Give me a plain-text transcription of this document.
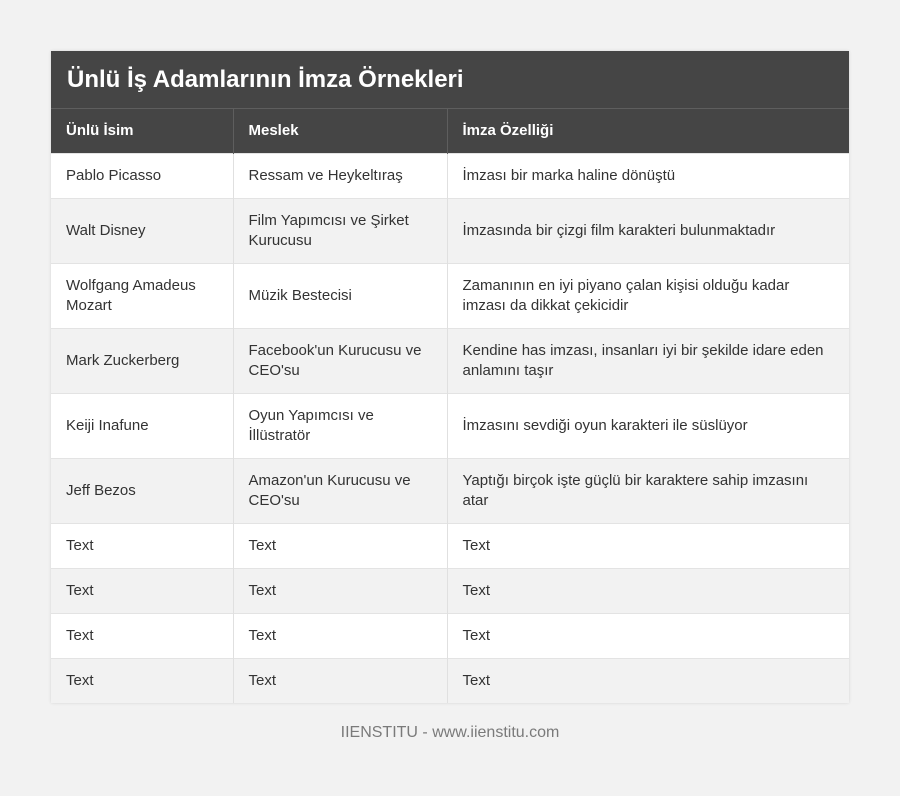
Ünlü İş Adamlarının İmza Örnekleri
Ünlü İsim	Meslek	İmza Özelliği
Pablo Picasso	Ressam ve Heykeltıraş	İmzası bir marka haline dönüştü
Walt Disney	Film Yapımcısı ve Şirket Kurucusu	İmzasında bir çizgi film karakteri bulunmaktadır
Wolfgang Amadeus Mozart	Müzik Bestecisi	Zamanının en iyi piyano çalan kişisi olduğu kadar imzası da dikkat çekicidir
Mark Zuckerberg	Facebook'un Kurucusu ve CEO'su	Kendine has imzası, insanları iyi bir şekilde idare eden anlamını taşır
Keiji Inafune	Oyun Yapımcısı ve İllüstratör	İmzasını sevdiği oyun karakteri ile süslüyor
Jeff Bezos	Amazon'un Kurucusu ve CEO'su	Yaptığı birçok işte güçlü bir karaktere sahip imzasını atar
Text	Text	Text
Text	Text	Text
Text	Text	Text
Text	Text	Text
IIENSTITU - www.iienstitu.com
